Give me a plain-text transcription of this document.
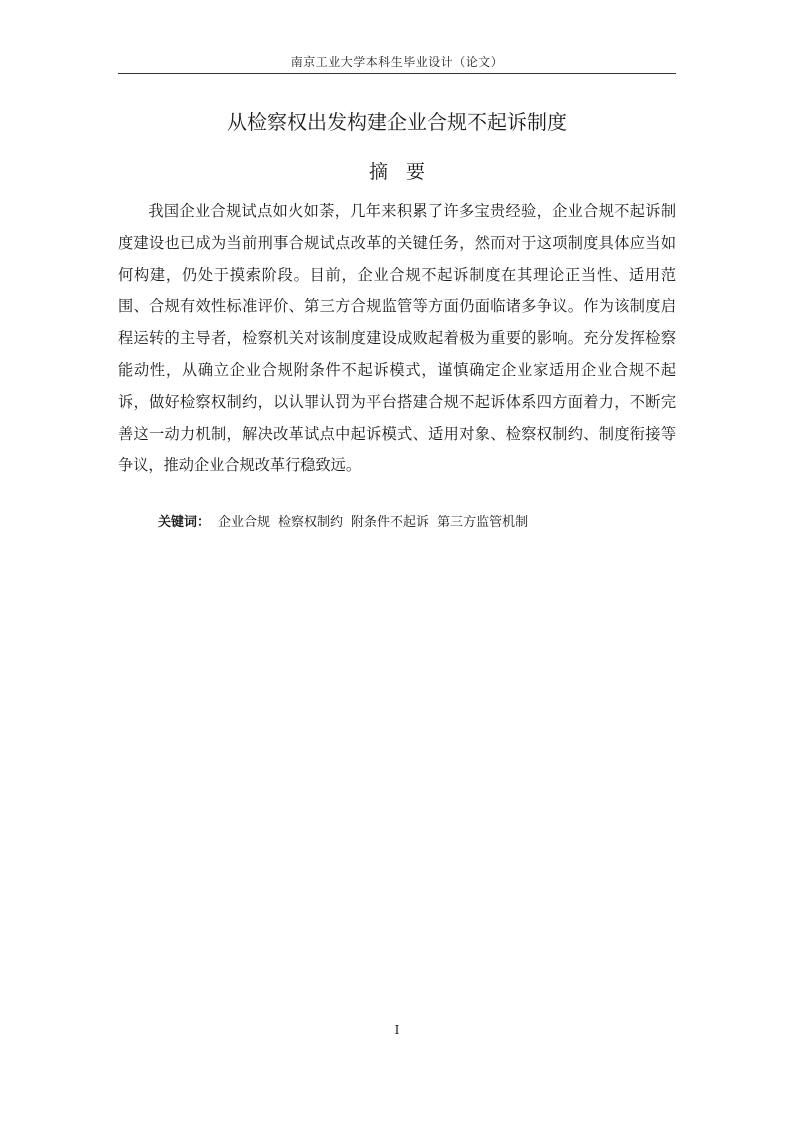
南京工业大学本科生毕业设计（论文）
从检察权出发构建企业合规不起诉制度
摘要
我国企业合规试点如火如荼，几年来积累了许多宝贵经验，企业合规不起诉制度建设也已成为当前刑事合规试点改革的关键任务，然而对于这项制度具体应当如何构建，仍处于摸索阶段。目前，企业合规不起诉制度在其理论正当性、适用范围、合规有效性标准评价、第三方合规监管等方面仍面临诸多争议。作为该制度启程运转的主导者，检察机关对该制度建设成败起着极为重要的影响。充分发挥检察能动性，从确立企业合规附条件不起诉模式，谨慎确定企业家适用企业合规不起诉，做好检察权制约，以认罪认罚为平台搭建合规不起诉体系四方面着力，不断完善这一动力机制，解决改革试点中起诉模式、适用对象、检察权制约、制度衔接等争议，推动企业合规改革行稳致远。
关键词： 企业合规 检察权制约 附条件不起诉 第三方监管机制
I
